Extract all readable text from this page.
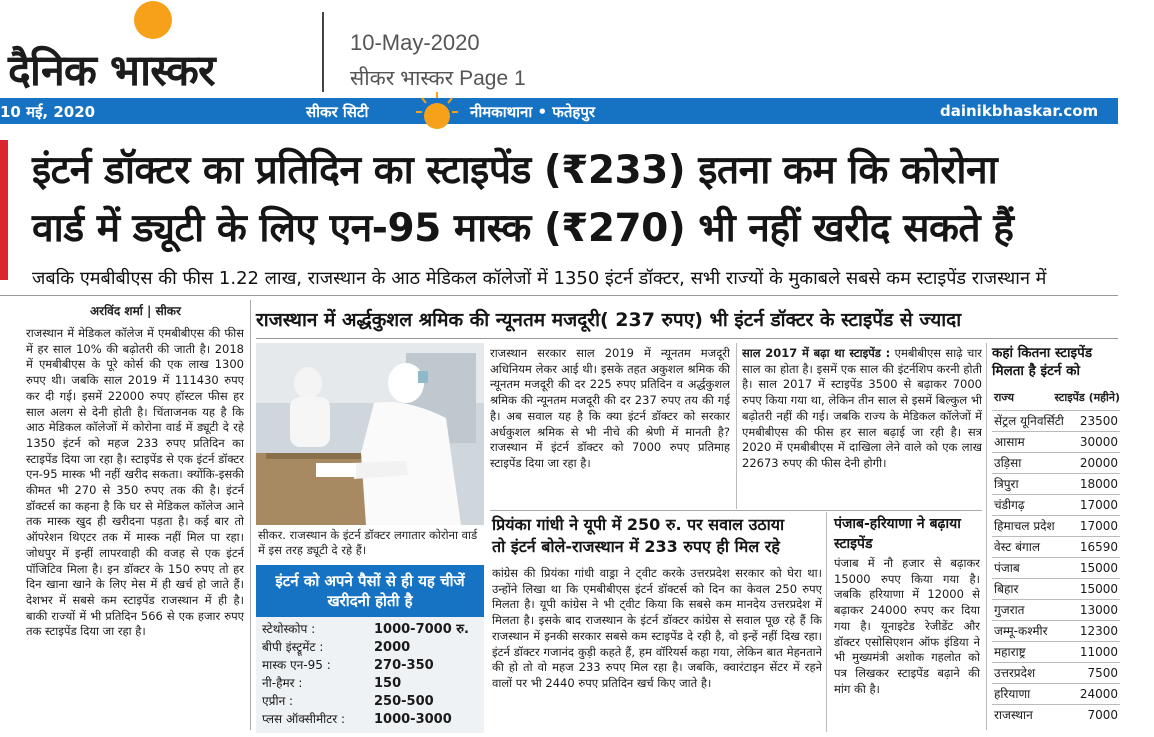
दैनिक भास्कर
10-May-2020
सीकर भास्कर Page 1
10 मई, 2020	सीकर सिटी	नीमकाथाना • फतेहपुर	dainikbhaskar.com
इंटर्न डॉक्टर का प्रतिदिन का स्टाइपेंड (₹233) इतना कम कि कोरोना
वार्ड में ड्यूटी के लिए एन-95 मास्क (₹270) भी नहीं खरीद सकते हैं
जबकि एमबीबीएस की फीस 1.22 लाख, राजस्थान के आठ मेडिकल कॉलेजों में 1350 इंटर्न डॉक्टर, सभी राज्यों के मुकाबले सबसे कम स्टाइपेंड राजस्थान में
अरविंद शर्मा | सीकर
राजस्थान में मेडिकल कॉलेज में एमबीबीएस की फीस में हर साल 10% की बढ़ोतरी की जाती है। 2018 में एमबीबीएस के पूरे कोर्स की एक लाख 1300 रुपए थी। जबकि साल 2019 में 111430 रुपए कर दी गई। इसमें 22000 रुपए हॉस्टल फीस हर साल अलग से देनी होती है। चिंताजनक यह है कि आठ मेडिकल कॉलेजों में कोरोना वार्ड में ड्यूटी दे रहे 1350 इंटर्न को महज 233 रुपए प्रतिदिन का स्टाइपेंड दिया जा रहा है। स्टाइपेंड से एक इंटर्न डॉक्टर एन-95 मास्क भी नहीं खरीद सकता। क्योंकि-इसकी कीमत भी 270 से 350 रुपए तक की है। इंटर्न डॉक्टर्स का कहना है कि घर से मेडिकल कॉलेज आने तक मास्क खुद ही खरीदना पड़ता है। कई बार तो ऑपरेशन थिएटर तक में मास्क नहीं मिल पा रहा। जोधपुर में इन्हीं लापरवाही की वजह से एक इंटर्न पॉजिटिव मिला है। इन डॉक्टर के 150 रुपए तो हर दिन खाना खाने के लिए मेस में ही खर्च हो जाते हैं। देशभर में सबसे कम स्टाइपेंड राजस्थान में ही है। बाकी राज्यों में भी प्रतिदिन 566 से एक हजार रुपए तक स्टाइपेंड दिया जा रहा है।
राजस्थान में अर्द्धकुशल श्रमिक की न्यूनतम मजदूरी( 237 रुपए) भी इंटर्न डॉक्टर के स्टाइपेंड से ज्यादा
सीकर. राजस्थान के इंटर्न डॉक्टर लगातार कोरोना वार्ड में इस तरह ड्यूटी दे रहे हैं।
राजस्थान सरकार साल 2019 में न्यूनतम मजदूरी अधिनियम लेकर आई थी। इसके तहत अकुशल श्रमिक की न्यूनतम मजदूरी की दर 225 रुपए प्रतिदिन व अर्द्धकुशल श्रमिक की न्यूनतम मजदूरी की दर 237 रुपए तय की गई है। अब सवाल यह है कि क्या इंटर्न डॉक्टर को सरकार अर्धकुशल श्रमिक से भी नीचे की श्रेणी में मानती है? राजस्थान में इंटर्न डॉक्टर को 7000 रुपए प्रतिमाह स्टाइपेंड दिया जा रहा है।
साल 2017 में बढ़ा था स्टाइपेंड : एमबीबीएस साढ़े चार साल का होता है। इसमें एक साल की इंटर्नशिप करनी होती है। साल 2017 में स्टाइपेंड 3500 से बढ़ाकर 7000 रुपए किया गया था, लेकिन तीन साल से इसमें बिल्कुल भी बढ़ोतरी नहीं की गई। जबकि राज्य के मेडिकल कॉलेजों में एमबीबीएस की फीस हर साल बढ़ाई जा रही है। सत्र 2020 में एमबीबीएस में दाखिला लेने वाले को एक लाख 22673 रुपए की फीस देनी होगी।
प्रियंका गांधी ने यूपी में 250 रु. पर सवाल उठाया
तो इंटर्न बोले-राजस्थान में 233 रुपए ही मिल रहे
कांग्रेस की प्रियंका गांधी वाड्रा ने ट्वीट करके उत्तरप्रदेश सरकार को घेरा था। उन्होंने लिखा था कि एमबीबीएस इंटर्न डॉक्टर्स को दिन का केवल 250 रुपए मिलता है। यूपी कांग्रेस ने भी ट्वीट किया कि सबसे कम मानदेय उत्तरप्रदेश में मिलता है। इसके बाद राजस्थान के इंटर्न डॉक्टर कांग्रेस से सवाल पूछ रहे हैं कि राजस्थान में इनकी सरकार सबसे कम स्टाइपेंड दे रही है, वो इन्हें नहीं दिख रहा। इंटर्न डॉक्टर गजानंद कुड़ी कहते हैं, हम वॉरियर्स कहा गया, लेकिन बात मेहनताने की हो तो वो महज 233 रुपए मिल रहा है। जबकि, क्वारंटाइन सेंटर में रहने वालों पर भी 2440 रुपए प्रतिदिन खर्च किए जाते है।
पंजाब-हरियाणा ने बढ़ाया स्टाइपेंड
पंजाब में नौ हजार से बढ़ाकर 15000 रुपए किया गया है। जबकि हरियाणा में 12000 से बढ़ाकर 24000 रुपए कर दिया गया है। यूनाइटेड रेजीडेंट और डॉक्टर एसोसिएशन ऑफ इंडिया ने भी मुख्यमंत्री अशोक गहलोत को पत्र लिखकर स्टाइपेंड बढ़ाने की मांग की है।
इंटर्न को अपने पैसों से ही यह चीजें खरीदनी होती है
स्टेथोस्कोप :	1000-7000 रु.
बीपी इंस्ट्रूमेंट :	2000
मास्क एन-95 :	270-350
नी-हैमर :	150
एप्रीन :	250-500
प्लस ऑक्सीमीटर : 1000-3000
कहां कितना स्टाइपेंड मिलता है इंटर्न को
राज्य	स्टाइपेंड (महीने)
सेंट्रल यूनिवर्सिटी 23500
आसाम	30000
उड़िसा	20000
त्रिपुरा	18000
चंडीगढ़	17000
हिमाचल प्रदेश 17000
वेस्ट बंगाल	16590
पंजाब	15000
बिहार	15000
गुजरात	13000
जम्मू-कश्मीर	12300
महाराष्ट्र	11000
उत्तरप्रदेश	7500
हरियाणा	24000
राजस्थान	7000
